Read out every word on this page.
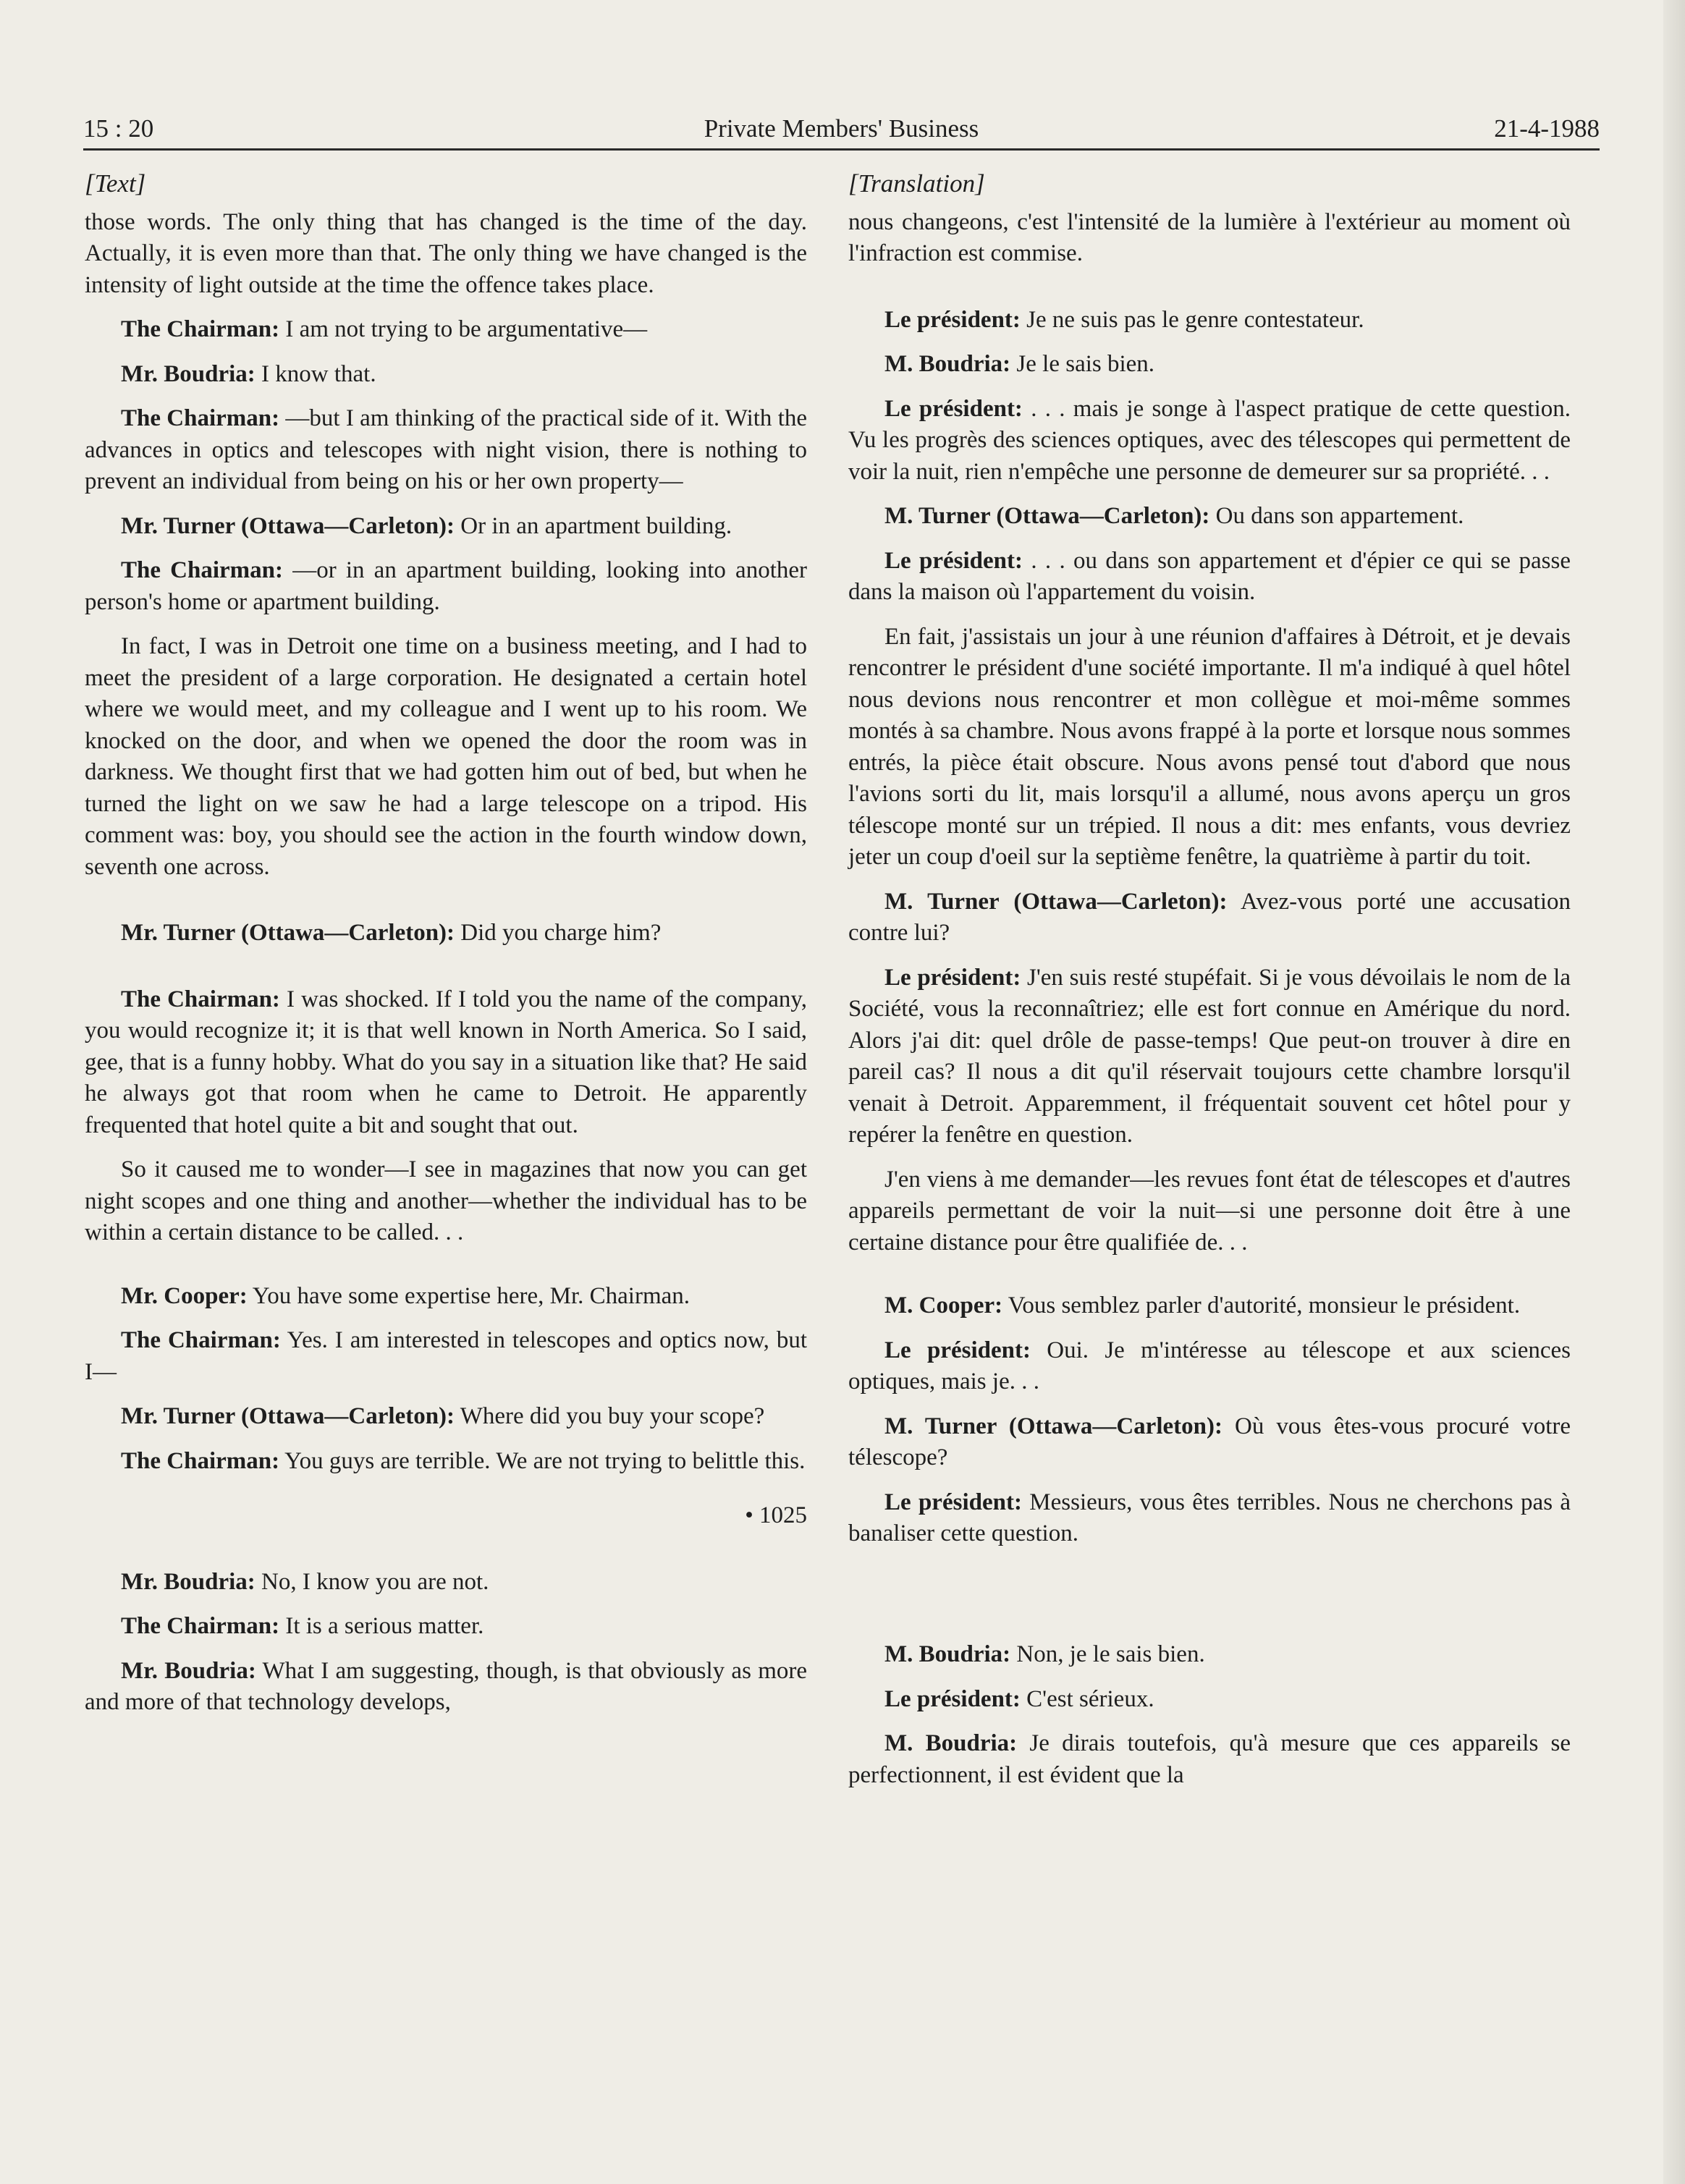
15 : 20	Private Members' Business	21-4-1988
[Text]

those words. The only thing that has changed is the time of the day. Actually, it is even more than that. The only thing we have changed is the intensity of light outside at the time the offence takes place.

The Chairman: I am not trying to be argumentative—

Mr. Boudria: I know that.

The Chairman: —but I am thinking of the practical side of it. With the advances in optics and telescopes with night vision, there is nothing to prevent an individual from being on his or her own property—

Mr. Turner (Ottawa—Carleton): Or in an apartment building.

The Chairman: —or in an apartment building, looking into another person's home or apartment building.

In fact, I was in Detroit one time on a business meeting, and I had to meet the president of a large corporation. He designated a certain hotel where we would meet, and my colleague and I went up to his room. We knocked on the door, and when we opened the door the room was in darkness. We thought first that we had gotten him out of bed, but when he turned the light on we saw he had a large telescope on a tripod. His comment was: boy, you should see the action in the fourth window down, seventh one across.

Mr. Turner (Ottawa—Carleton): Did you charge him?

The Chairman: I was shocked. If I told you the name of the company, you would recognize it; it is that well known in North America. So I said, gee, that is a funny hobby. What do you say in a situation like that? He said he always got that room when he came to Detroit. He apparently frequented that hotel quite a bit and sought that out.

So it caused me to wonder—I see in magazines that now you can get night scopes and one thing and another—whether the individual has to be within a certain distance to be called. . .

Mr. Cooper: You have some expertise here, Mr. Chairman.

The Chairman: Yes. I am interested in telescopes and optics now, but I—

Mr. Turner (Ottawa—Carleton): Where did you buy your scope?

The Chairman: You guys are terrible. We are not trying to belittle this.

• 1025

Mr. Boudria: No, I know you are not.

The Chairman: It is a serious matter.

Mr. Boudria: What I am suggesting, though, is that obviously as more and more of that technology develops,

[Translation]

nous changeons, c'est l'intensité de la lumière à l'extérieur au moment où l'infraction est commise.

Le président: Je ne suis pas le genre contestateur.

M. Boudria: Je le sais bien.

Le président: . . . mais je songe à l'aspect pratique de cette question. Vu les progrès des sciences optiques, avec des télescopes qui permettent de voir la nuit, rien n'empêche une personne de demeurer sur sa propriété. . .

M. Turner (Ottawa—Carleton): Ou dans son appartement.

Le président: . . . ou dans son appartement et d'épier ce qui se passe dans la maison où l'appartement du voisin.

En fait, j'assistais un jour à une réunion d'affaires à Détroit, et je devais rencontrer le président d'une société importante. Il m'a indiqué à quel hôtel nous devions nous rencontrer et mon collègue et moi-même sommes montés à sa chambre. Nous avons frappé à la porte et lorsque nous sommes entrés, la pièce était obscure. Nous avons pensé tout d'abord que nous l'avions sorti du lit, mais lorsqu'il a allumé, nous avons aperçu un gros télescope monté sur un trépied. Il nous a dit: mes enfants, vous devriez jeter un coup d'oeil sur la septième fenêtre, la quatrième à partir du toit.

M. Turner (Ottawa—Carleton): Avez-vous porté une accusation contre lui?

Le président: J'en suis resté stupéfait. Si je vous dévoilais le nom de la Société, vous la reconnaîtriez; elle est fort connue en Amérique du nord. Alors j'ai dit: quel drôle de passe-temps! Que peut-on trouver à dire en pareil cas? Il nous a dit qu'il réservait toujours cette chambre lorsqu'il venait à Detroit. Apparemment, il fréquentait souvent cet hôtel pour y repérer la fenêtre en question.

J'en viens à me demander—les revues font état de télescopes et d'autres appareils permettant de voir la nuit—si une personne doit être à une certaine distance pour être qualifiée de. . .

M. Cooper: Vous semblez parler d'autorité, monsieur le président.

Le président: Oui. Je m'intéresse au télescope et aux sciences optiques, mais je. . .

M. Turner (Ottawa—Carleton): Où vous êtes-vous procuré votre télescope?

Le président: Messieurs, vous êtes terribles. Nous ne cherchons pas à banaliser cette question.

M. Boudria: Non, je le sais bien.

Le président: C'est sérieux.

M. Boudria: Je dirais toutefois, qu'à mesure que ces appareils se perfectionnent, il est évident que la
